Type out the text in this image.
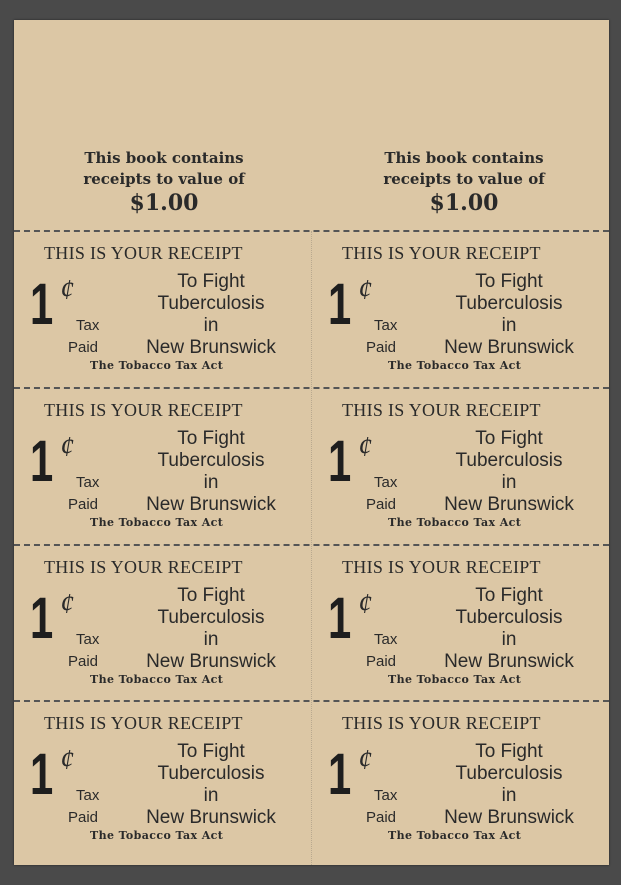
This book contains
receipts to value of
$1.00
This book contains
receipts to value of
$1.00
THIS IS YOUR RECEIPT
1 ¢
Tax
Paid
To Fight
Tuberculosis
in
New Brunswick
The Tobacco Tax Act
THIS IS YOUR RECEIPT
1 ¢
Tax
Paid
To Fight
Tuberculosis
in
New Brunswick
The Tobacco Tax Act
THIS IS YOUR RECEIPT
1 ¢
Tax
Paid
To Fight
Tuberculosis
in
New Brunswick
The Tobacco Tax Act
THIS IS YOUR RECEIPT
1 ¢
Tax
Paid
To Fight
Tuberculosis
in
New Brunswick
The Tobacco Tax Act
THIS IS YOUR RECEIPT
1 ¢
Tax
Paid
To Fight
Tuberculosis
in
New Brunswick
The Tobacco Tax Act
THIS IS YOUR RECEIPT
1 ¢
Tax
Paid
To Fight
Tuberculosis
in
New Brunswick
The Tobacco Tax Act
THIS IS YOUR RECEIPT
1 ¢
Tax
Paid
To Fight
Tuberculosis
in
New Brunswick
The Tobacco Tax Act
THIS IS YOUR RECEIPT
1 ¢
Tax
Paid
To Fight
Tuberculosis
in
New Brunswick
The Tobacco Tax Act
